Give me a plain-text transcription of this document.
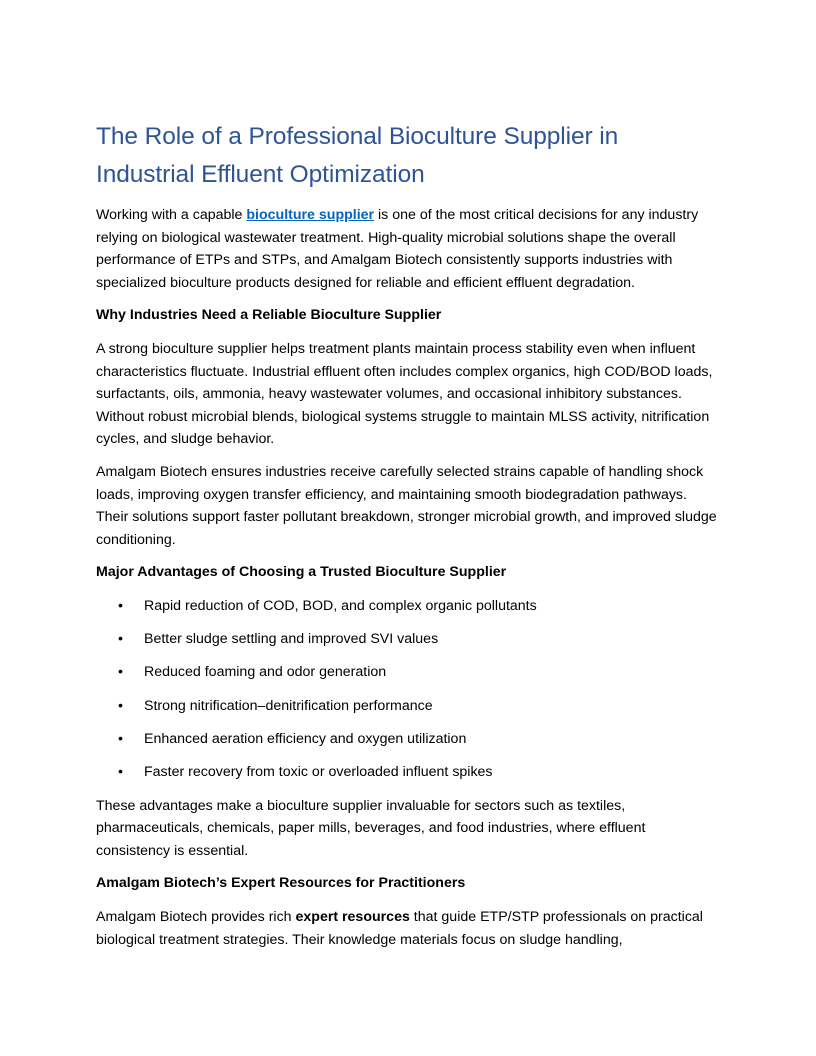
The Role of a Professional Bioculture Supplier in Industrial Effluent Optimization

Working with a capable bioculture supplier is one of the most critical decisions for any industry relying on biological wastewater treatment. High-quality microbial solutions shape the overall performance of ETPs and STPs, and Amalgam Biotech consistently supports industries with specialized bioculture products designed for reliable and efficient effluent degradation.

Why Industries Need a Reliable Bioculture Supplier

A strong bioculture supplier helps treatment plants maintain process stability even when influent characteristics fluctuate. Industrial effluent often includes complex organics, high COD/BOD loads, surfactants, oils, ammonia, heavy wastewater volumes, and occasional inhibitory substances. Without robust microbial blends, biological systems struggle to maintain MLSS activity, nitrification cycles, and sludge behavior.

Amalgam Biotech ensures industries receive carefully selected strains capable of handling shock loads, improving oxygen transfer efficiency, and maintaining smooth biodegradation pathways. Their solutions support faster pollutant breakdown, stronger microbial growth, and improved sludge conditioning.

Major Advantages of Choosing a Trusted Bioculture Supplier

• Rapid reduction of COD, BOD, and complex organic pollutants
• Better sludge settling and improved SVI values
• Reduced foaming and odor generation
• Strong nitrification–denitrification performance
• Enhanced aeration efficiency and oxygen utilization
• Faster recovery from toxic or overloaded influent spikes

These advantages make a bioculture supplier invaluable for sectors such as textiles, pharmaceuticals, chemicals, paper mills, beverages, and food industries, where effluent consistency is essential.

Amalgam Biotech’s Expert Resources for Practitioners

Amalgam Biotech provides rich expert resources that guide ETP/STP professionals on practical biological treatment strategies. Their knowledge materials focus on sludge handling,
